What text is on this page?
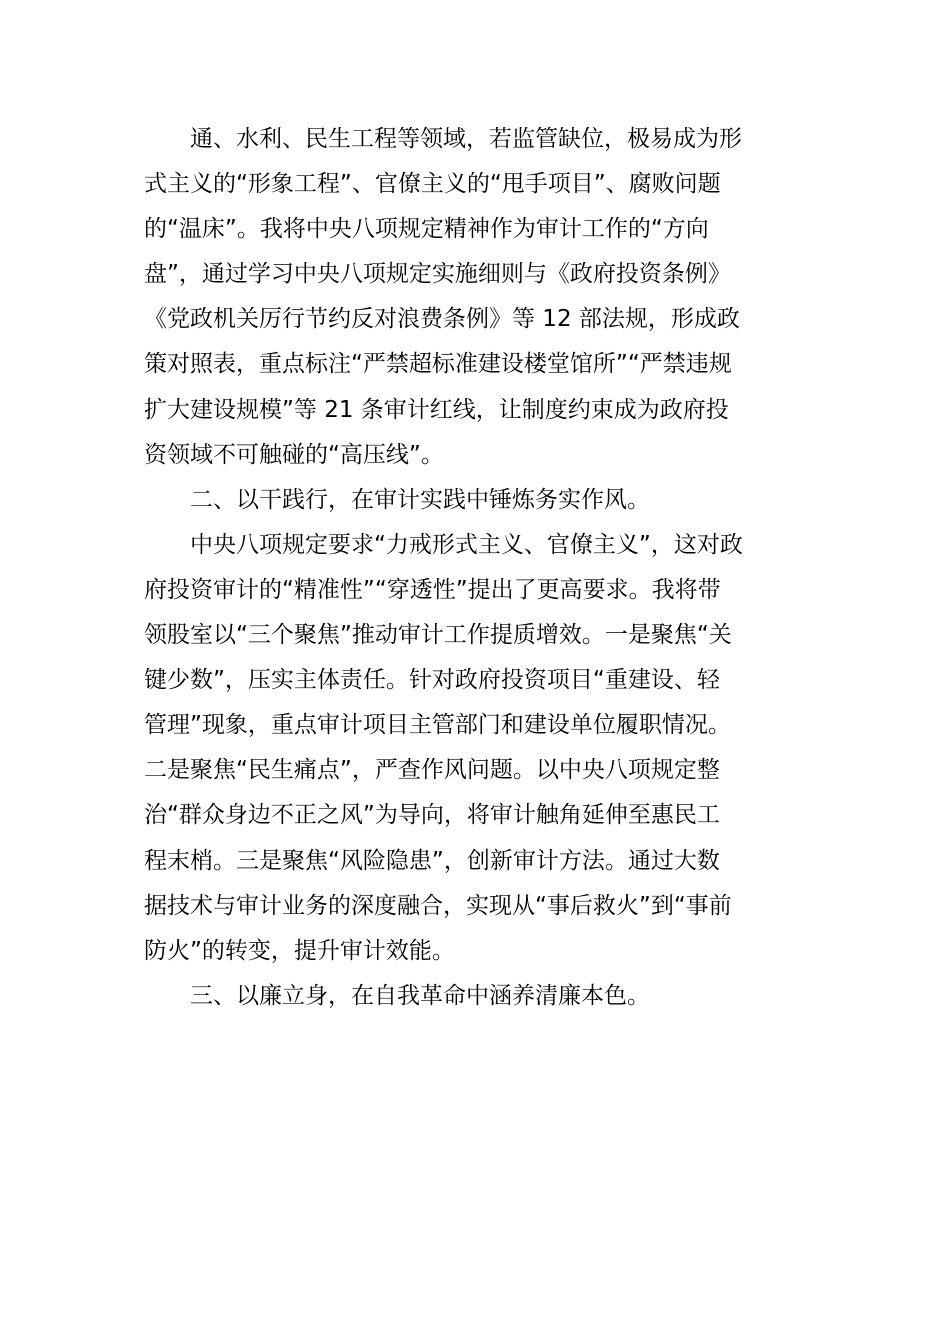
通、水利、民生工程等领域，若监管缺位，极易成为形
式主义的“形象工程”、官僚主义的“甩手项目”、腐败问题
的“温床”。我将中央八项规定精神作为审计工作的“方向
盘”，通过学习中央八项规定实施细则与《政府投资条例》
《党政机关厉行节约反对浪费条例》等 12 部法规，形成政
策对照表，重点标注“严禁超标准建设楼堂馆所”“严禁违规
扩大建设规模”等 21 条审计红线，让制度约束成为政府投
资领域不可触碰的“高压线”。
二、以干践行，在审计实践中锤炼务实作风。
中央八项规定要求“力戒形式主义、官僚主义”，这对政
府投资审计的“精准性”“穿透性”提出了更高要求。我将带
领股室以“三个聚焦”推动审计工作提质增效。一是聚焦“关
键少数”，压实主体责任。针对政府投资项目“重建设、轻
管理”现象，重点审计项目主管部门和建设单位履职情况。
二是聚焦“民生痛点”，严查作风问题。以中央八项规定整
治“群众身边不正之风”为导向，将审计触角延伸至惠民工
程末梢。三是聚焦“风险隐患”，创新审计方法。通过大数
据技术与审计业务的深度融合，实现从“事后救火”到“事前
防火”的转变，提升审计效能。
三、以廉立身，在自我革命中涵养清廉本色。
